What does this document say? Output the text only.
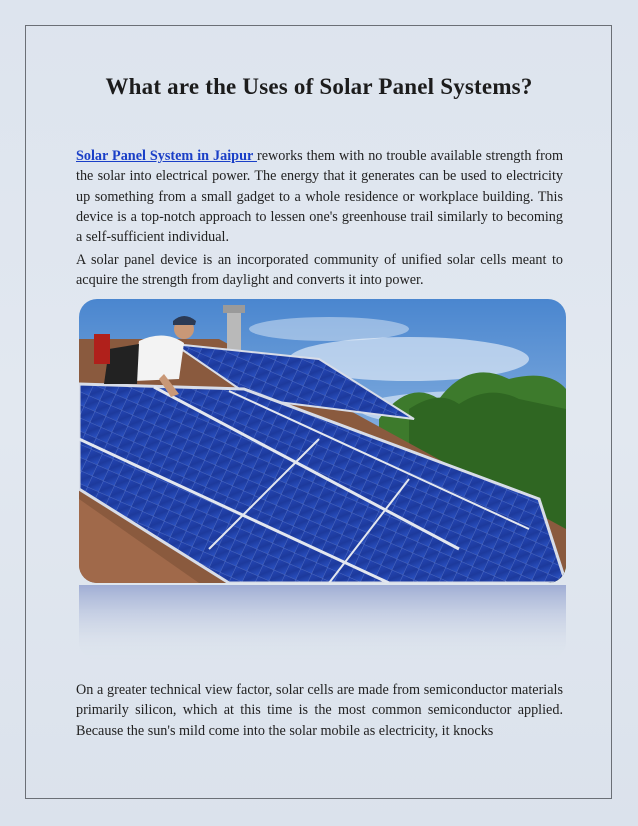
What are the Uses of Solar Panel Systems?

Solar Panel System in Jaipur reworks them with no trouble available strength from the solar into electrical power. The energy that it generates can be used to electricity up something from a small gadget to a whole residence or workplace building. This device is a top-notch approach to lessen one's greenhouse trail similarly to becoming a self-sufficient individual.

A solar panel device is an incorporated community of unified solar cells meant to acquire the strength from daylight and converts it into power.

On a greater technical view factor, solar cells are made from semiconductor materials primarily silicon, which at this time is the most common semiconductor applied. Because the sun's mild come into the solar mobile as electricity, it knocks
